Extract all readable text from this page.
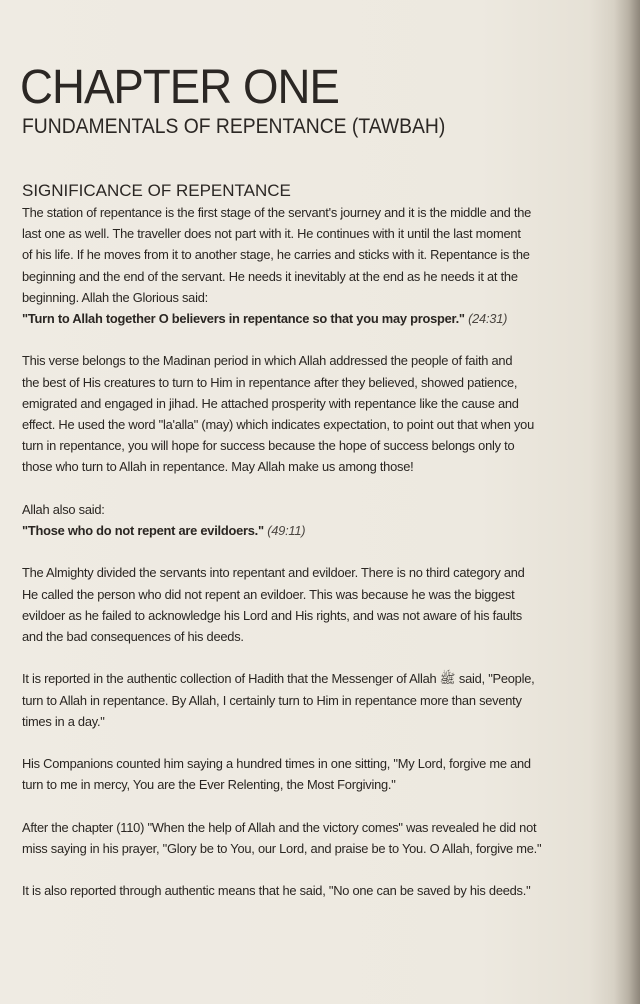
CHAPTER ONE
FUNDAMENTALS OF REPENTANCE (TAWBAH)
SIGNIFICANCE OF REPENTANCE
The station of repentance is the first stage of the servant's journey and it is the middle and the
last one as well. The traveller does not part with it. He continues with it until the last moment
of his life. If he moves from it to another stage, he carries and sticks with it. Repentance is the
beginning and the end of the servant. He needs it inevitably at the end as he needs it at the
beginning. Allah the Glorious said:
"Turn to Allah together O believers in repentance so that you may prosper." (24:31)
This verse belongs to the Madinan period in which Allah addressed the people of faith and
the best of His creatures to turn to Him in repentance after they believed, showed patience,
emigrated and engaged in jihad. He attached prosperity with repentance like the cause and
effect. He used the word "la'alla" (may) which indicates expectation, to point out that when you
turn in repentance, you will hope for success because the hope of success belongs only to
those who turn to Allah in repentance. May Allah make us among those!
Allah also said:
"Those who do not repent are evildoers." (49:11)
The Almighty divided the servants into repentant and evildoer. There is no third category and
He called the person who did not repent an evildoer. This was because he was the biggest
evildoer as he failed to acknowledge his Lord and His rights, and was not aware of his faults
and the bad consequences of his deeds.
It is reported in the authentic collection of Hadith that the Messenger of Allah ﷺ said, "People,
turn to Allah in repentance. By Allah, I certainly turn to Him in repentance more than seventy
times in a day."
His Companions counted him saying a hundred times in one sitting, "My Lord, forgive me and
turn to me in mercy, You are the Ever Relenting, the Most Forgiving."
After the chapter (110) "When the help of Allah and the victory comes" was revealed he did not
miss saying in his prayer, "Glory be to You, our Lord, and praise be to You. O Allah, forgive me."
It is also reported through authentic means that he said, "No one can be saved by his deeds."
